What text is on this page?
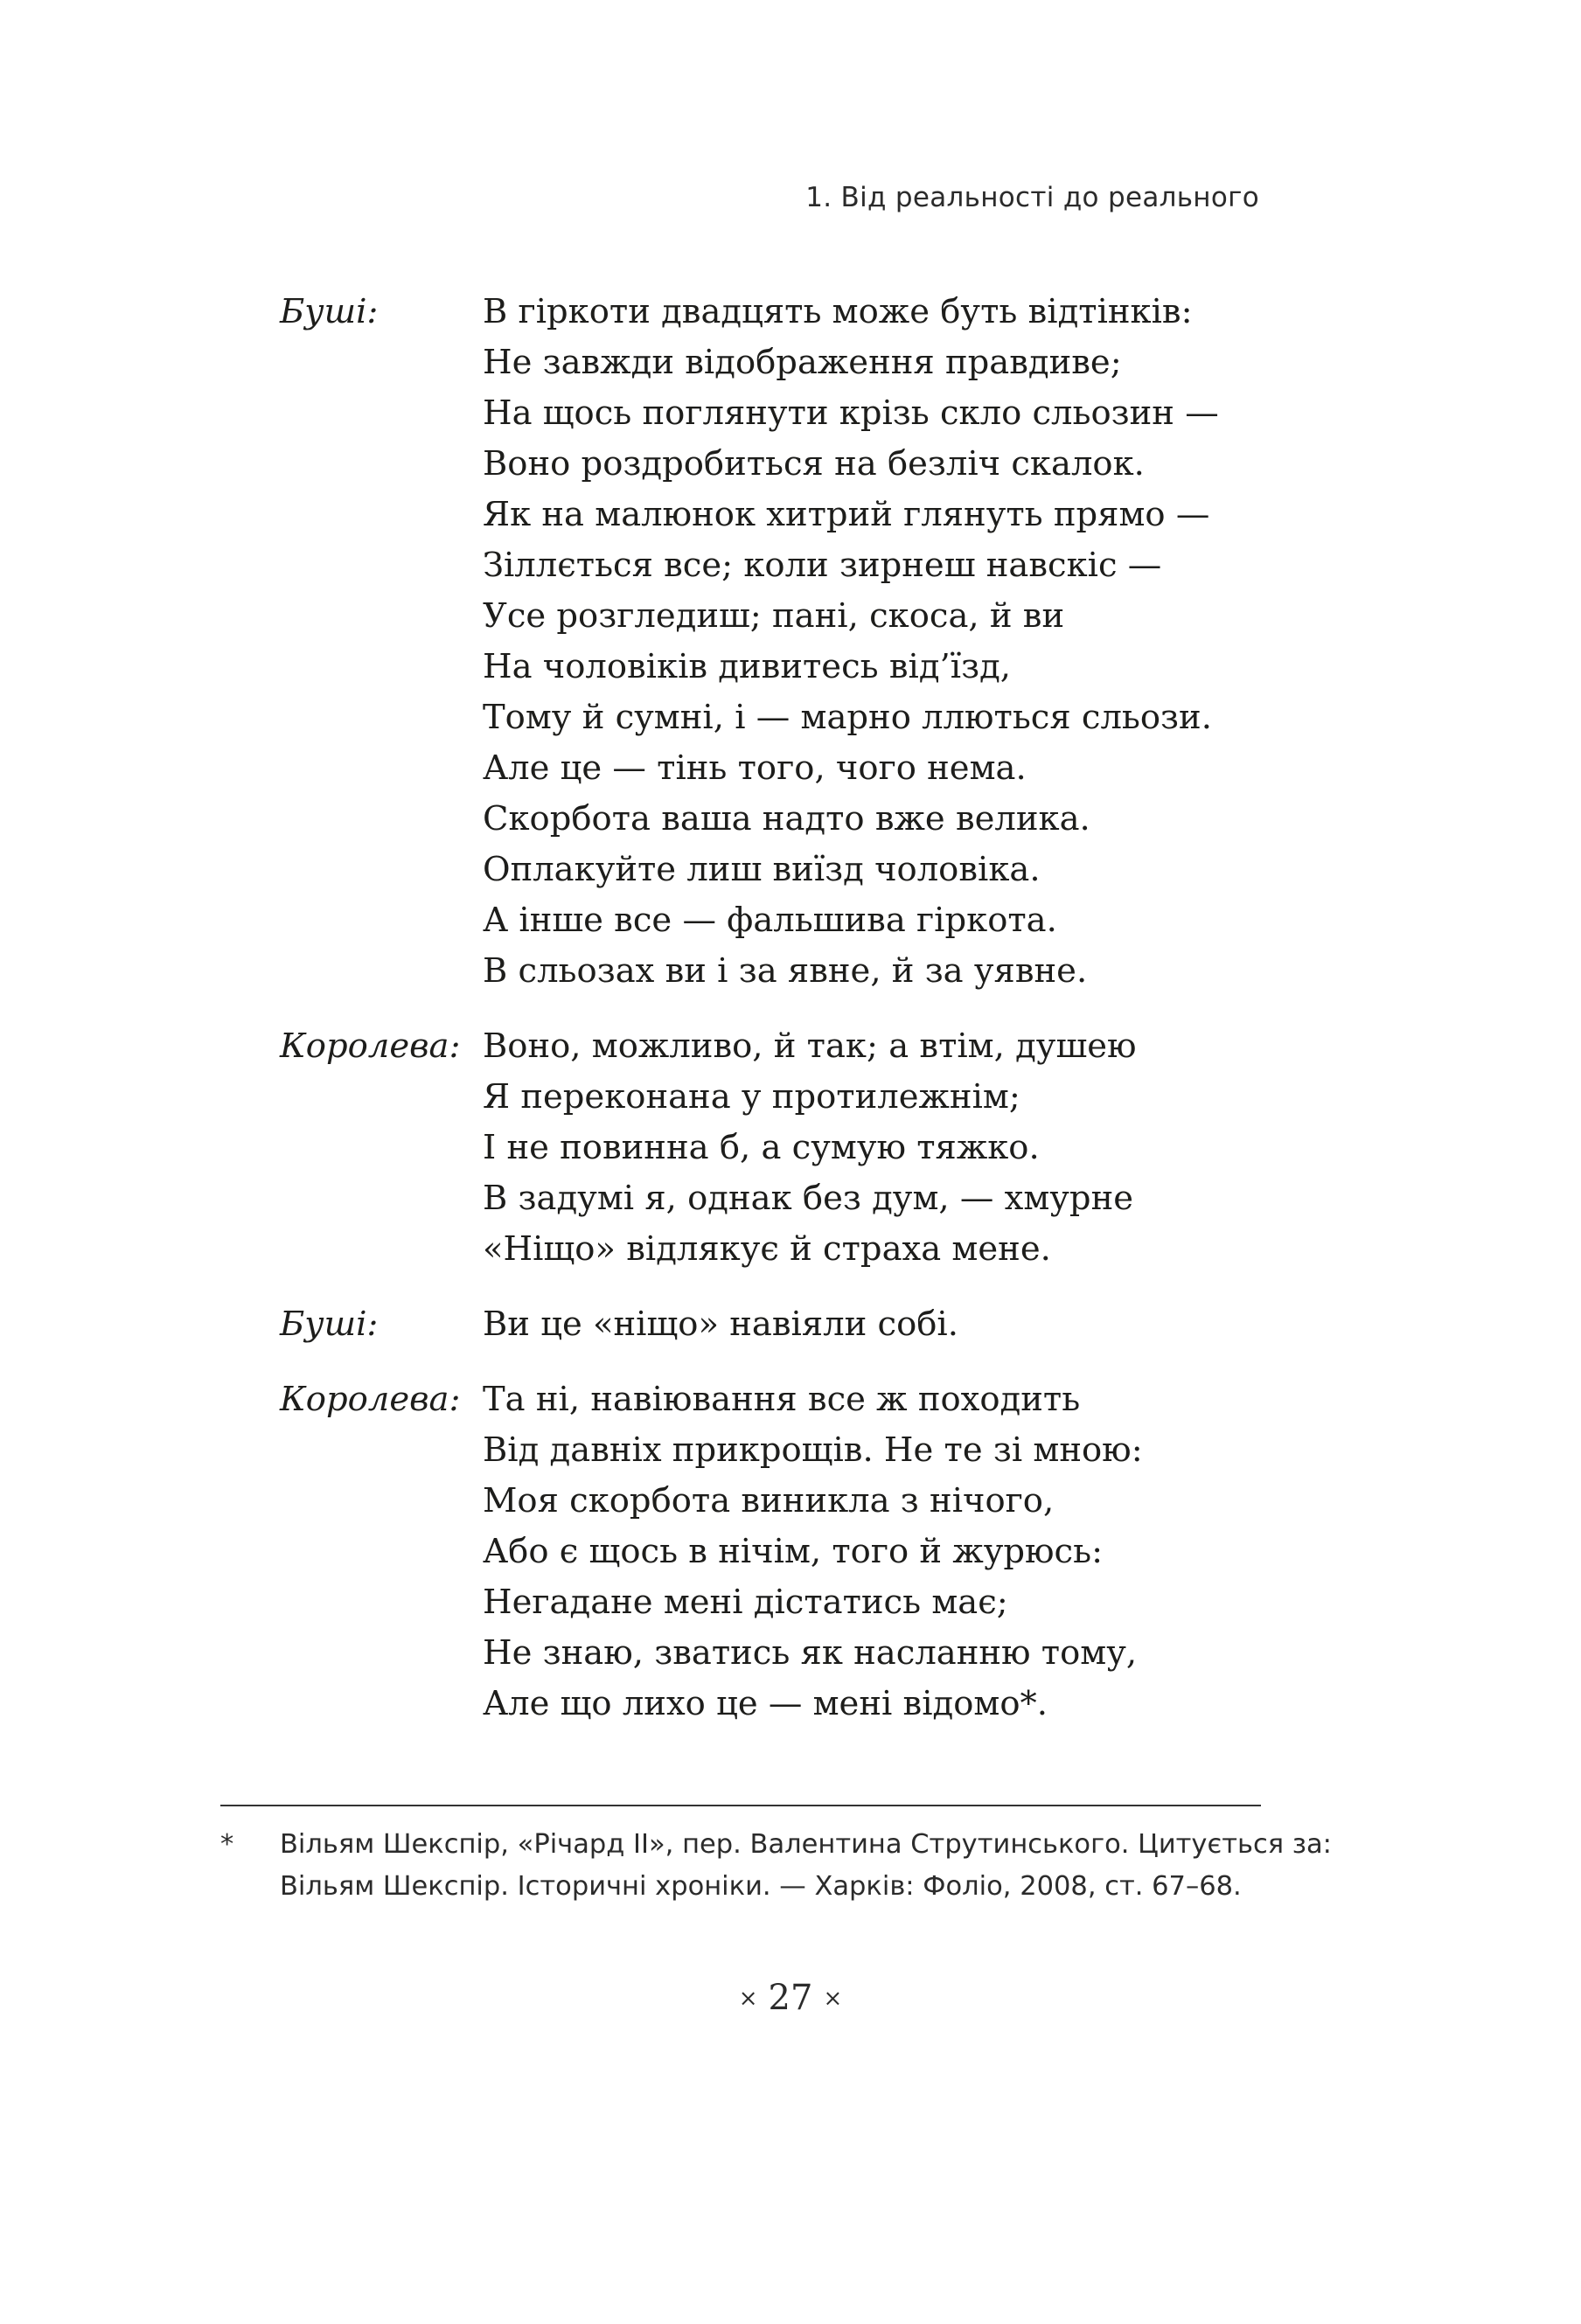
1. Від реальності до реального
Буші:	В гіркоти двадцять може буть відтінків:
Не завжди відображення правдиве;
На щось поглянути крізь скло сльозин —
Воно роздробиться на безліч скалок.
Як на малюнок хитрий глянуть прямо —
Зіллється все; коли зирнеш навскіс —
Усе розгледиш; пані, скоса, й ви
На чоловіків дивитесь від’їзд,
Тому й сумні, і — марно ллються сльози.
Але це — тінь того, чого нема.
Скорбота ваша надто вже велика.
Оплакуйте лиш виїзд чоловіка.
А інше все — фальшива гіркота.
В сльозах ви і за явне, й за уявне.
Королева: Воно, можливо, й так; а втім, душею
Я переконана у протилежнім;
І не повинна б, а сумую тяжко.
В задумі я, однак без дум, — хмурне
«Ніщо» відлякує й страха мене.
Буші:	Ви це «ніщо» навіяли собі.
Королева: Та ні, навіювання все ж походить
Від давніх прикрощів. Не те зі мною:
Моя скорбота виникла з нічого,
Або є щось в нічім, того й журюсь:
Негадане мені дістатись має;
Не знаю, зватись як насланню тому,
Але що лихо це — мені відомо*.
*	Вільям Шекспір, «Річард ІІ», пер. Валентина Струтинського. Цитується за:
Вільям Шекспір. Історичні хроніки. — Харків: Фоліо, 2008, ст. 67–68.
× 27 ×
